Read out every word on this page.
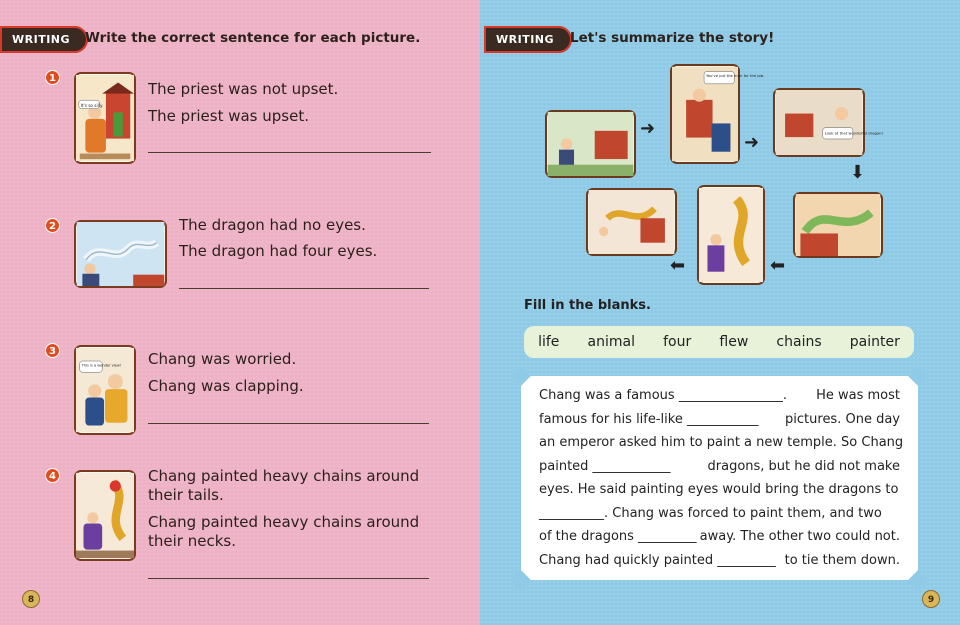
WRITING	Write the correct sentence for each picture.
1
It's so silly.
The priest was not upset.
The priest was upset.
2	The dragon had no eyes.
The dragon had four eyes.
3
This is a wonder view! Chang was worried.
Chang was clapping.
4	Chang painted heavy chains around their tails.
Chang painted heavy chains around their necks.
8
WRITING	Let's summarize the story!
You've put the man for the job.
Look at that wonderful dragon!
➜
➜
⬇
⬅
⬅
Fill in the blanks.
life animal four flew chains painter
Chang was a famous ________________. He was most
famous for his life-like ___________ pictures. One day
an emperor asked him to paint a new temple. So Chang
painted ____________	dragons, but he did not make
eyes. He said painting eyes would bring the dragons to
__________. Chang was forced to paint them, and two
of the dragons _________ away. The other two could not.
Chang had quickly painted _________ to tie them down.
9
